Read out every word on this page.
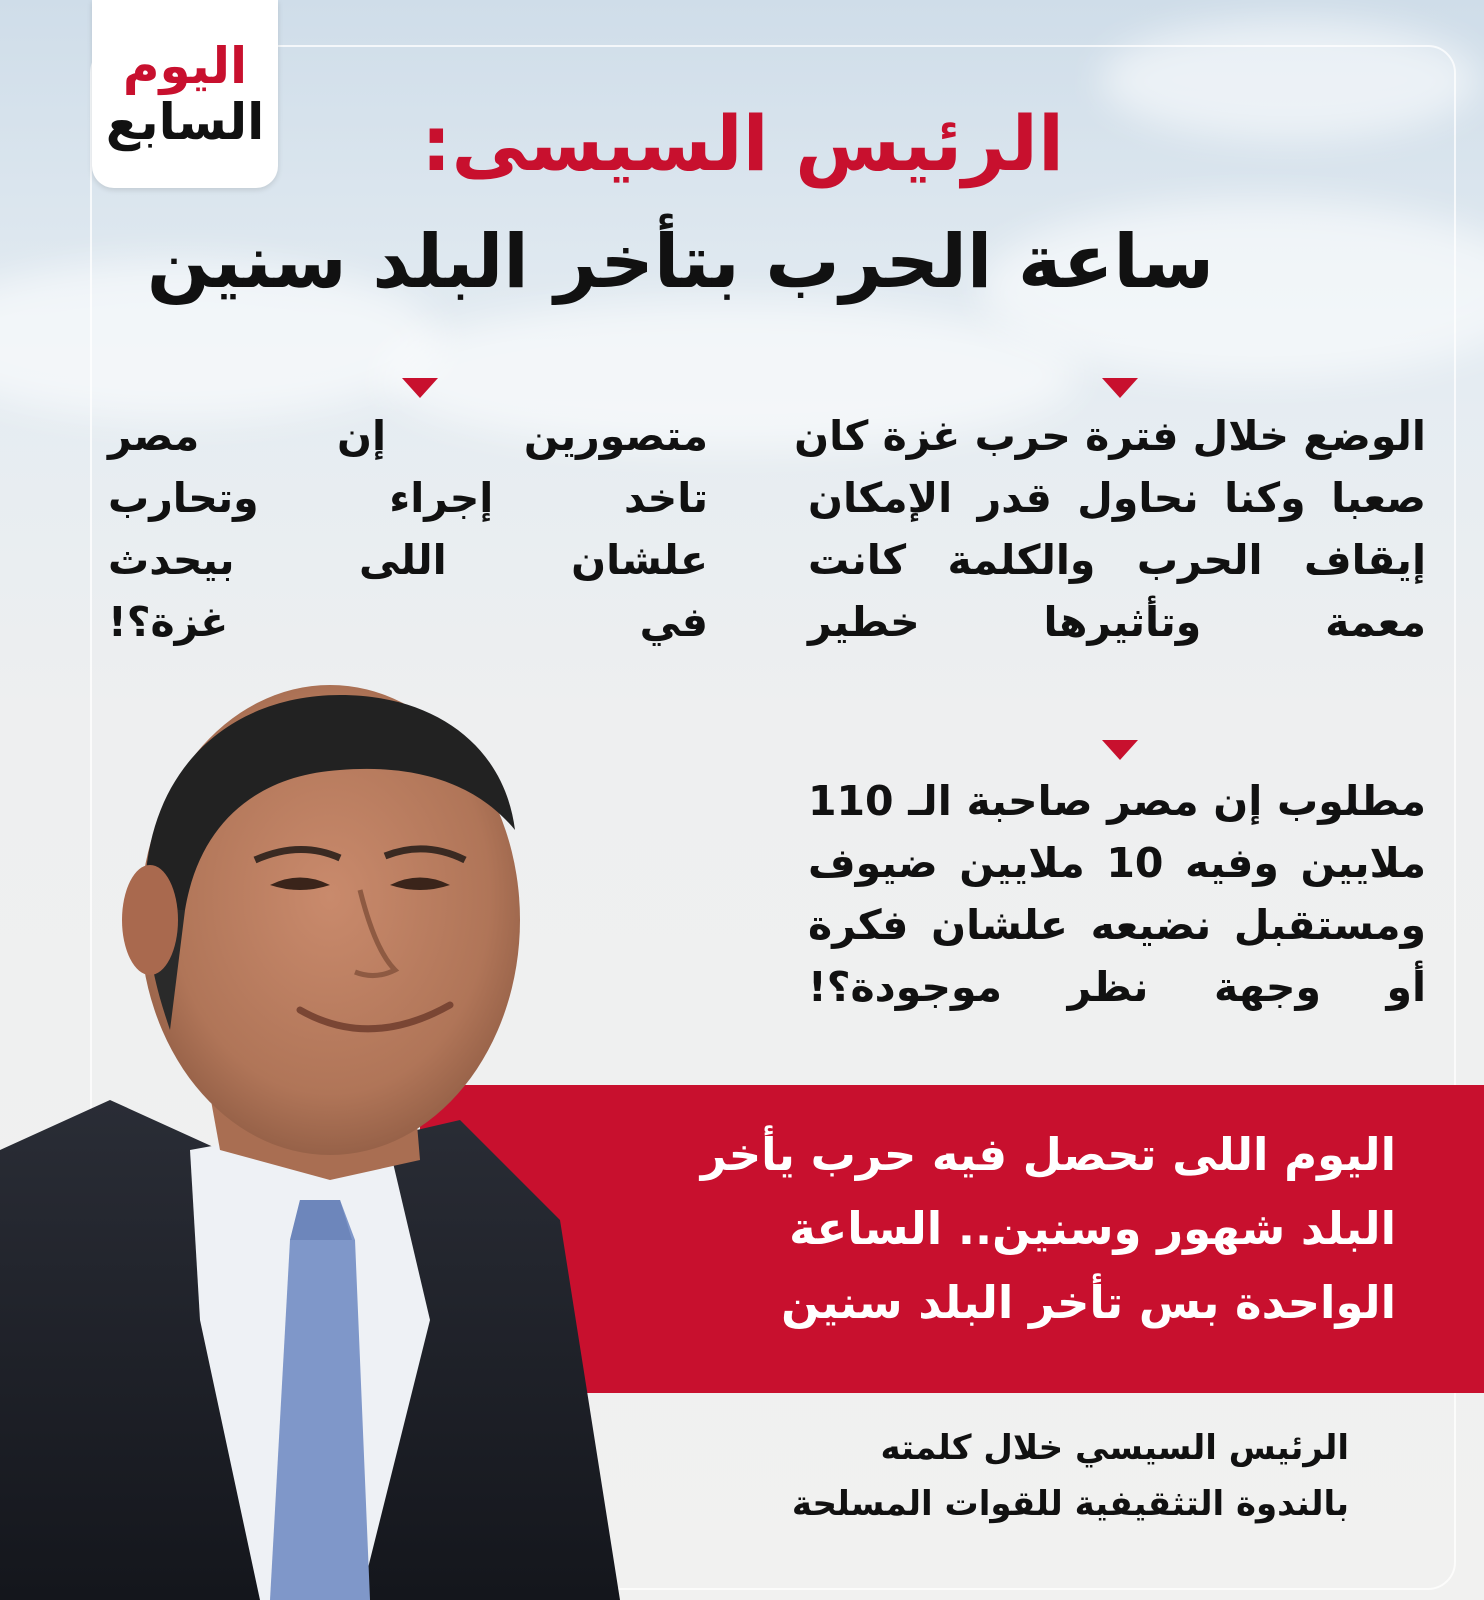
اليوم
السابع الرئيس السيسى:
ساعة الحرب بتأخر البلد سنين
الوضع خلال فترة حرب غزة كان
صعبا وكنا نحاول قدر الإمكان
إيقاف الحرب والكلمة كانت
معمة وتأثيرها خطير
متصورين إن مصر
تاخد إجراء وتحارب
علشان اللى بيحدث
في غزة؟!
مطلوب إن مصر صاحبة الـ 110
ملايين وفيه 10 ملايين ضيوف
ومستقبل نضيعه علشان فكرة
أو وجهة نظر موجودة؟!
اليوم اللى تحصل فيه حرب يأخر
البلد شهور وسنين.. الساعة
الواحدة بس تأخر البلد سنين
الرئيس السيسي خلال كلمته
بالندوة التثقيفية للقوات المسلحة
